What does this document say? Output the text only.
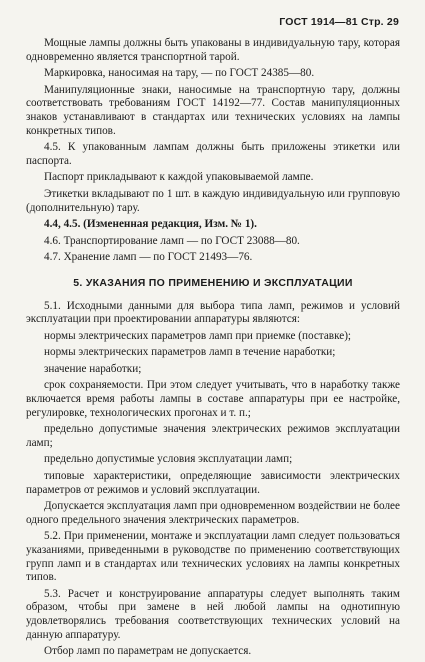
ГОСТ 1914—81 Стр. 29

Мощные лампы должны быть упакованы в индивидуальную тару, которая одновременно является транспортной тарой.

Маркировка, наносимая на тару, — по ГОСТ 24385—80.

Манипуляционные знаки, наносимые на транспортную тару, должны соответствовать требованиям ГОСТ 14192—77. Состав манипуляционных знаков устанавливают в стандартах или технических условиях на лампы конкретных типов.

4.5. К упакованным лампам должны быть приложены этикетки или паспорта.

Паспорт прикладывают к каждой упаковываемой лампе.

Этикетки вкладывают по 1 шт. в каждую индивидуальную или групповую (дополнительную) тару.

4.4, 4.5. (Измененная редакция, Изм. № 1).

4.6. Транспортирование ламп — по ГОСТ 23088—80.

4.7. Хранение ламп — по ГОСТ 21493—76.

5. УКАЗАНИЯ ПО ПРИМЕНЕНИЮ И ЭКСПЛУАТАЦИИ

5.1. Исходными данными для выбора типа ламп, режимов и условий эксплуатации при проектировании аппаратуры являются:

нормы электрических параметров ламп при приемке (поставке);

нормы электрических параметров ламп в течение наработки;

значение наработки;

срок сохраняемости. При этом следует учитывать, что в наработку также включается время работы лампы в составе аппаратуры при ее настройке, регулировке, технологических прогонах и т. п.;

предельно допустимые значения электрических режимов эксплуатации ламп;

предельно допустимые условия эксплуатации ламп;

типовые характеристики, определяющие зависимости электрических параметров от режимов и условий эксплуатации.

Допускается эксплуатация ламп при одновременном воздействии не более одного предельного значения электрических параметров.

5.2. При применении, монтаже и эксплуатации ламп следует пользоваться указаниями, приведенными в руководстве по применению соответствующих групп ламп и в стандартах или технических условиях на лампы конкретных типов.

5.3. Расчет и конструирование аппаратуры следует выполнять таким образом, чтобы при замене в ней любой лампы на однотипную удовлетворялись требования соответствующих технических условий на данную аппаратуру.

Отбор ламп по параметрам не допускается.
